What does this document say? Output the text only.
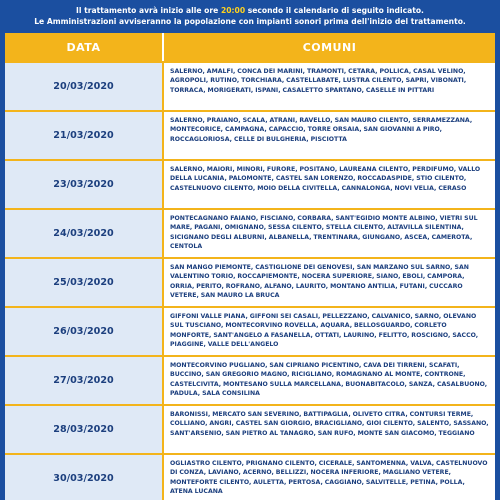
Il trattamento avrà inizio alle ore 20:00 secondo il calendario di seguito indicato.
Le Amministrazioni avviseranno la popolazione con impianti sonori prima dell'inizio del trattamento.
DATA	COMUNI
20/03/2020
SALERNO, AMALFI, CONCA DEI MARINI, TRAMONTI, CETARA, POLLICA, CASAL VELINO, AGROPOLI, RUTINO, TORCHIARA, CASTELLABATE, LUSTRA CILENTO, SAPRI, VIBONATI, TORRACA, MORIGERATI, ISPANI, CASALETTO SPARTANO, CASELLE IN PITTARI
21/03/2020
SALERNO, PRAIANO, SCALA, ATRANI, RAVELLO, SAN MAURO CILENTO, SERRAMEZZANA, MONTECORICE, CAMPAGNA, CAPACCIO, TORRE ORSAIA, SAN GIOVANNI A PIRO, ROCCAGLORIOSA, CELLE DI BULGHERIA, PISCIOTTA
23/03/2020
SALERNO, MAIORI, MINORI, FURORE, POSITANO, LAUREANA CILENTO, PERDIFUMO, VALLO DELLA LUCANIA, PALOMONTE, CASTEL SAN LORENZO, ROCCADASPIDE, STIO CILENTO, CASTELNUOVO CILENTO, MOIO DELLA CIVITELLA, CANNALONGA, NOVI VELIA, CERASO
24/03/2020
PONTECAGNANO FAIANO, FISCIANO, CORBARA, SANT'EGIDIO MONTE ALBINO, VIETRI SUL MARE, PAGANI, OMIGNANO, SESSA CILENTO, STELLA CILENTO, ALTAVILLA SILENTINA, SICIGNANO DEGLI ALBURNI, ALBANELLA, TRENTINARA, GIUNGANO, ASCEA, CAMEROTA, CENTOLA
25/03/2020
SAN MANGO PIEMONTE, CASTIGLIONE DEI GENOVESI, SAN MARZANO SUL SARNO, SAN VALENTINO TORIO, ROCCAPIEMONTE, NOCERA SUPERIORE, SIANO, EBOLI, CAMPORA, ORRIA, PERITO, ROFRANO, ALFANO, LAURITO, MONTANO ANTILIA, FUTANI, CUCCARO VETERE, SAN MAURO LA BRUCA
26/03/2020
GIFFONI VALLE PIANA, GIFFONI SEI CASALI, PELLEZZANO, CALVANICO, SARNO, OLEVANO SUL TUSCIANO, MONTECORVINO ROVELLA, AQUARA, BELLOSGUARDO, CORLETO MONFORTE, SANT'ANGELO A FASANELLA, OTTATI, LAURINO, FELITTO, ROSCIGNO, SACCO, PIAGGINE, VALLE DELL'ANGELO
27/03/2020
MONTECORVINO PUGLIANO, SAN CIPRIANO PICENTINO, CAVA DEI TIRRENI, SCAFATI, BUCCINO, SAN GREGORIO MAGNO, RICIGLIANO, ROMAGNANO AL MONTE, CONTRONE, CASTELCIVITA, MONTESANO SULLA MARCELLANA, BUONABITACOLO, SANZA, CASALBUONO, PADULA, SALA CONSILINA
28/03/2020
BARONISSI, MERCATO SAN SEVERINO, BATTIPAGLIA, OLIVETO CITRA, CONTURSI TERME, COLLIANO, ANGRI, CASTEL SAN GIORGIO, BRACIGLIANO, GIOI CILENTO, SALENTO, SASSANO, SANT'ARSENIO, SAN PIETRO AL TANAGRO, SAN RUFO, MONTE SAN GIACOMO, TEGGIANO
30/03/2020
OGLIASTRO CILENTO, PRIGNANO CILENTO, CICERALE, SANTOMENNA, VALVA, CASTELNUOVO DI CONZA, LAVIANO, ACERNO, BELLIZZI, NOCERA INFERIORE, MAGLIANO VETERE, MONTEFORTE CILENTO, AULETTA, PERTOSA, CAGGIANO, SALVITELLE, PETINA, POLLA, ATENA LUCANA
